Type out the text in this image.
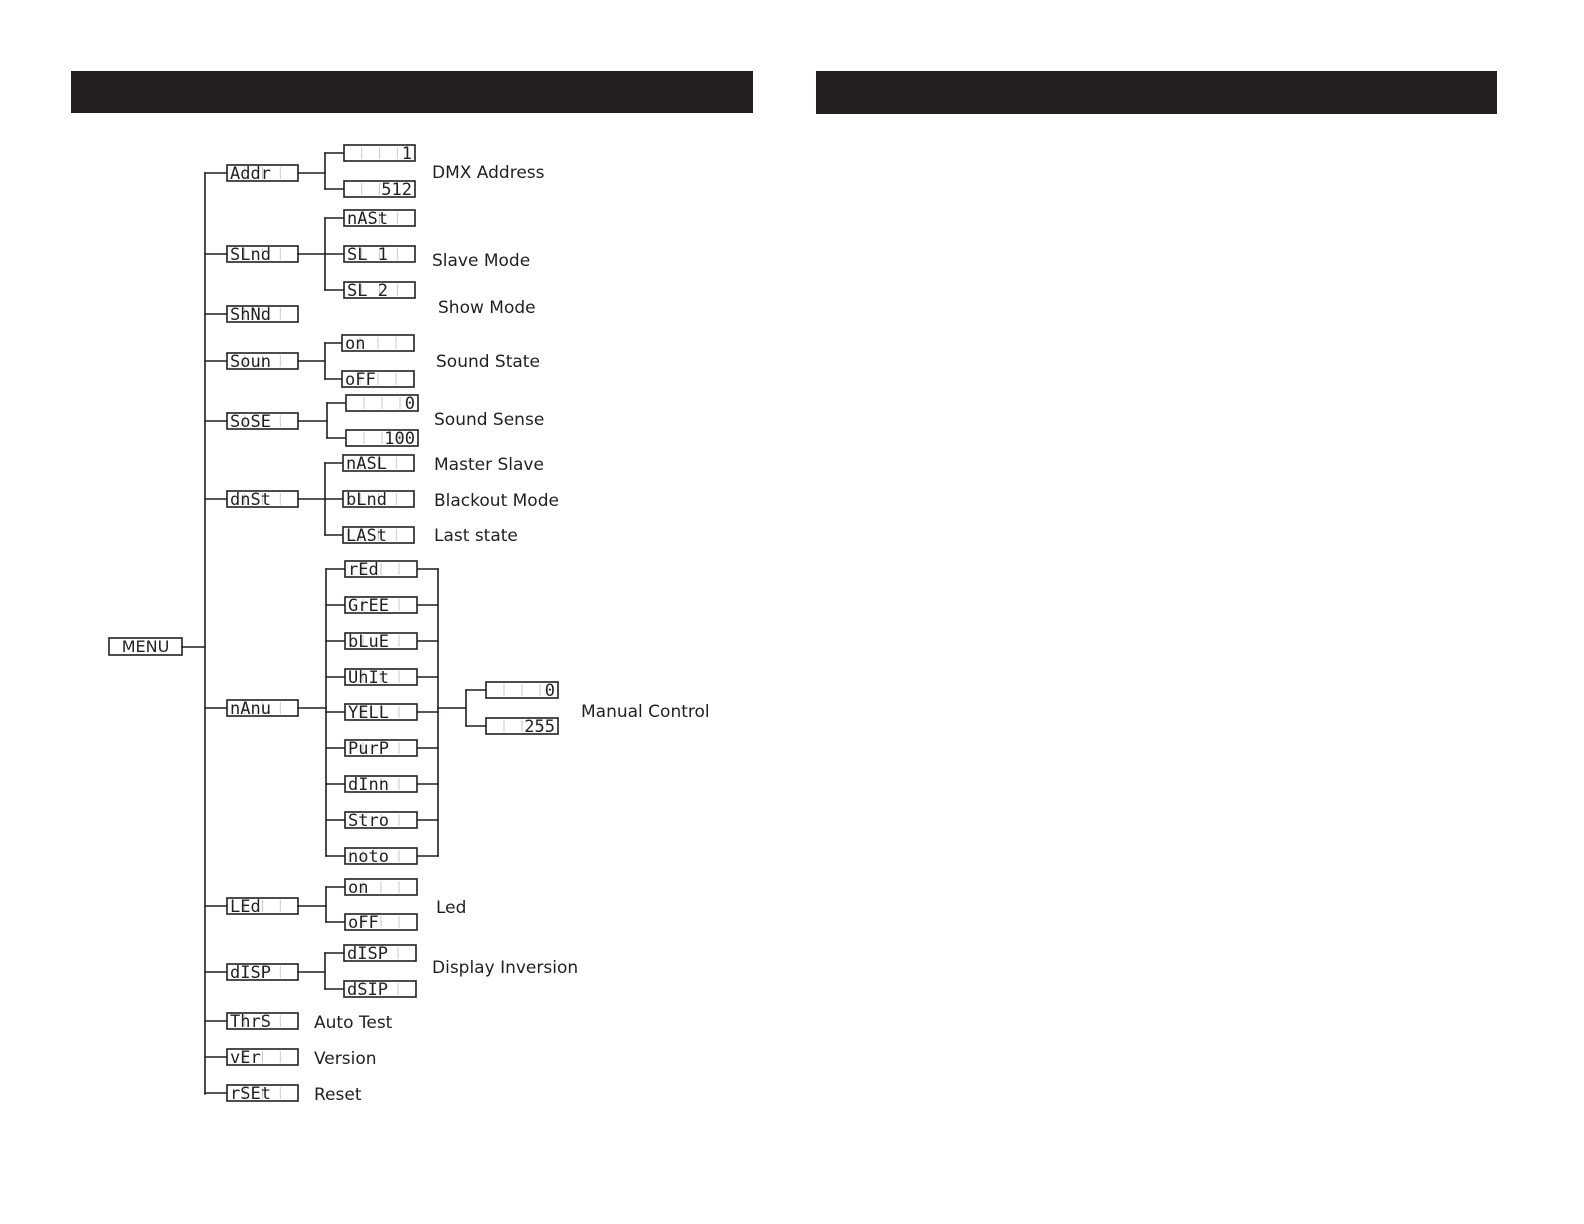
MENU
Addr
SLnd
ShNd
Soun
SoSE
dnSt
nAnu
LEd
dISP
ThrS
vEr
rSEt
1
512
DMX Address
nASt
SL 1
SL 2
Slave Mode
Show Mode
on
oFF
Sound State
0
100
Sound Sense
nASL
bLnd
LASt
Master Slave
Blackout Mode
Last state
rEd
GrEE
bLuE
UhIt
YELL
PurP
dInn
Stro
noto
0
255
Manual Control
on
oFF
Led
dISP
dSIP
Display Inversion
Auto Test
Version
Reset
